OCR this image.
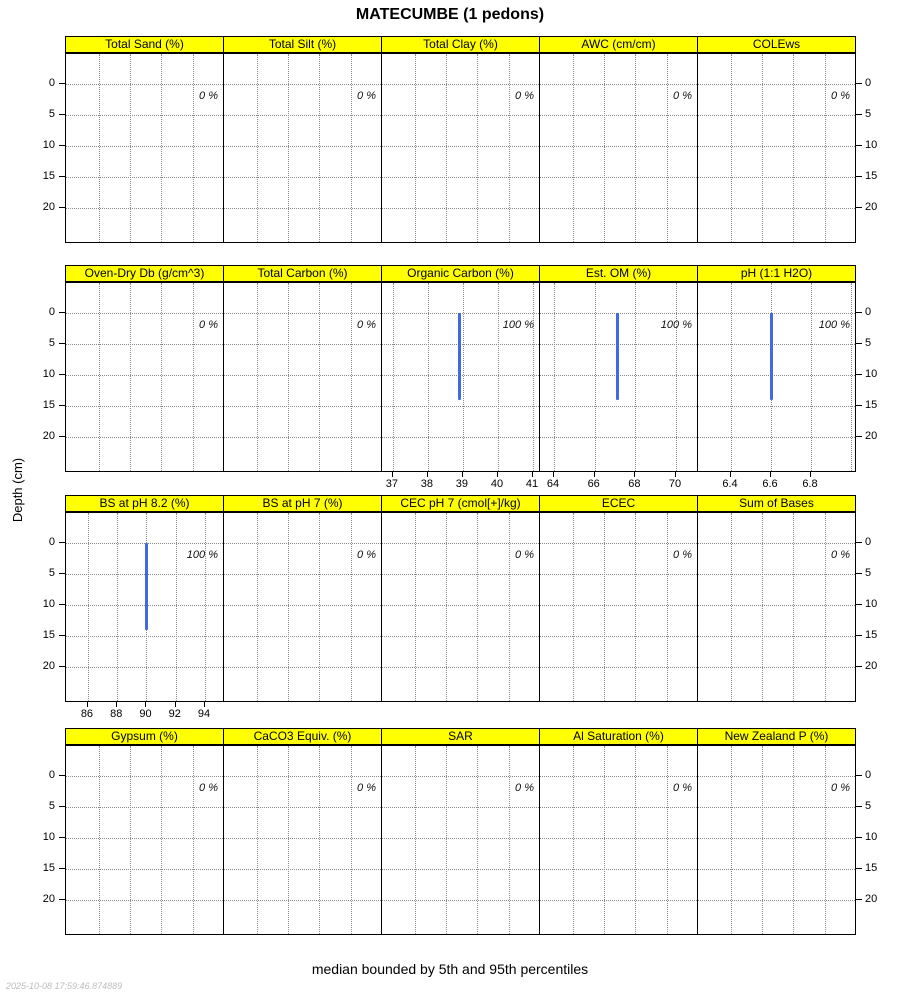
MATECUMBE (1 pedons)
Depth (cm)
Total Sand (%)
0 %
Total Silt (%)
0 %
Total Clay (%)
0 %
AWC (cm/cm)
0 %
COLEws
0 %
0	0
5	5
10	10
15	15
20	20
Oven-Dry Db (g/cm^3)
0 %
Total Carbon (%)
0 %
Organic Carbon (%)
100 %
37	38	39	40	41
Est. OM (%)
100 %
64	66	68	70
pH (1:1 H2O)
100 %
6.4	6.6	6.8
0	0
5	5
10	10
15	15
20	20
BS at pH 8.2 (%)
100 %
86	88	90	92	94
BS at pH 7 (%)
0 %
CEC pH 7 (cmol[+]/kg)
0 %
ECEC
0 %
Sum of Bases
0 %
0	0
5	5
10	10
15	15
20	20
Gypsum (%)
0 %
CaCO3 Equiv. (%)
0 %
SAR
0 %
Al Saturation (%)
0 %
New Zealand P (%)
0 %
0	0
5	5
10	10
15	15
20	20
median bounded by 5th and 95th percentiles
2025-10-08 17:59:46.874889
